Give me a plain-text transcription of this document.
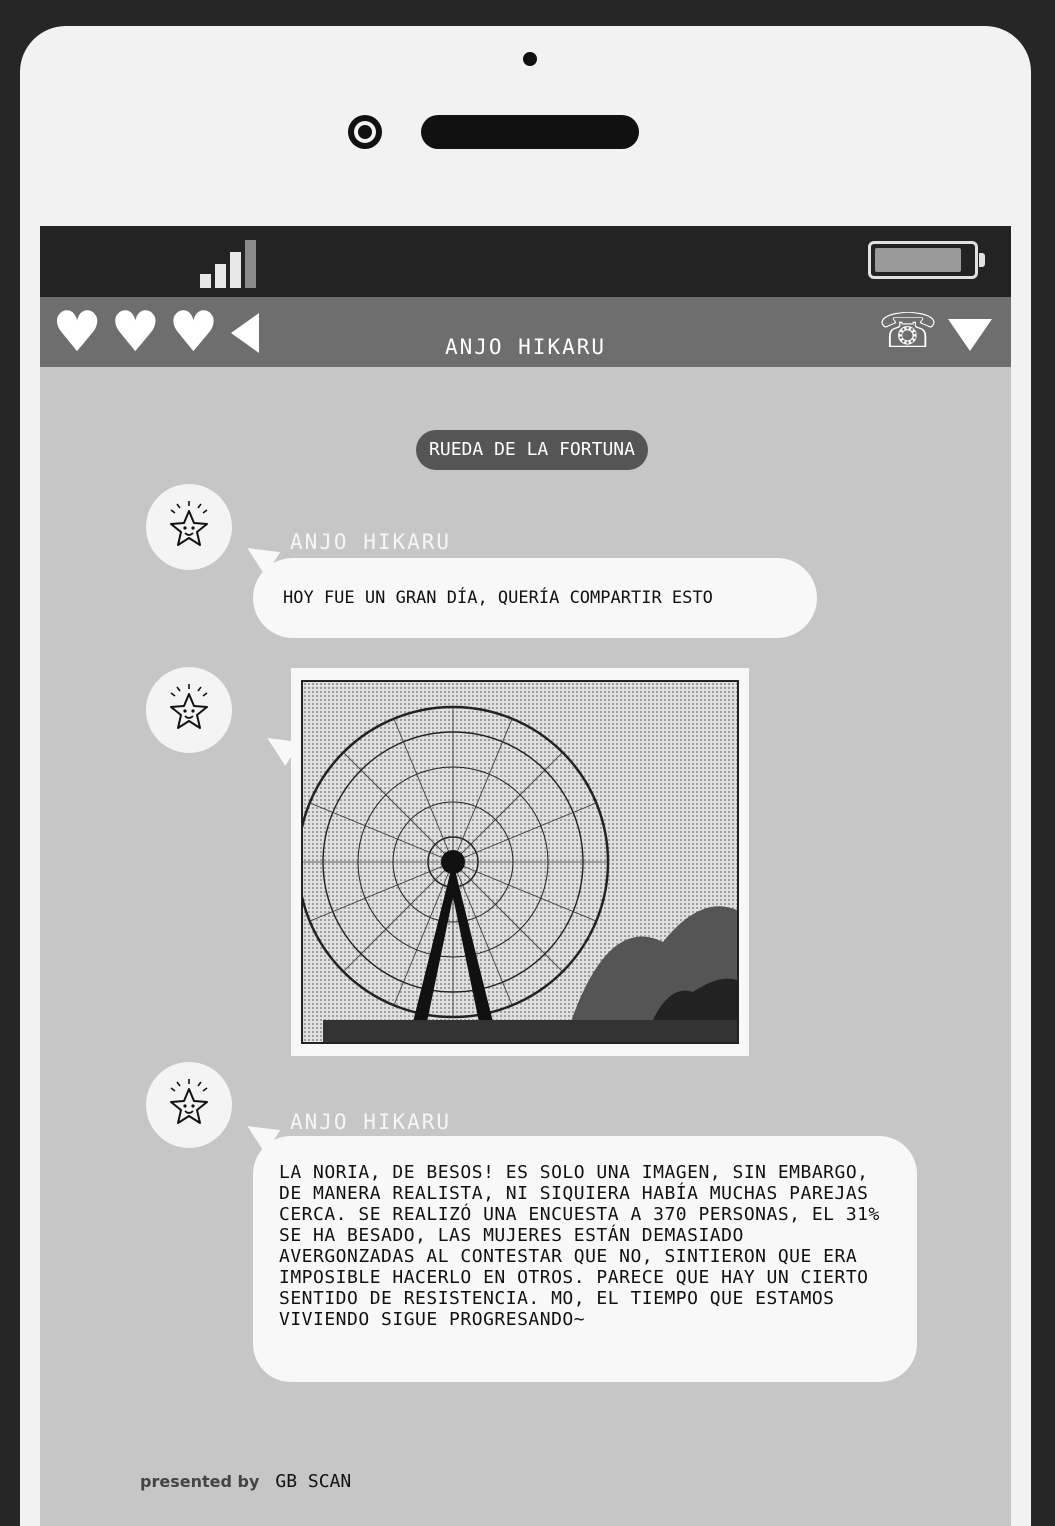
♥ ♥ ♥	ANJO HIKARU	☏
RUEDA DE LA FORTUNA
ANJO HIKARU
HOY FUE UN GRAN DÍA, QUERÍA COMPARTIR ESTO
ANJO HIKARU
LA NORIA, DE BESOS! ES SOLO UNA IMAGEN, SIN EMBARGO, DE MANERA REALISTA, NI SIQUIERA HABÍA MUCHAS PAREJAS CERCA. SE REALIZÓ UNA ENCUESTA A 370 PERSONAS, EL 31% SE HA BESADO, LAS MUJERES ESTÁN DEMASIADO AVERGONZADAS AL CONTESTAR QUE NO, SINTIERON QUE ERA IMPOSIBLE HACERLO EN OTROS. PARECE QUE HAY UN CIERTO SENTIDO DE RESISTENCIA. MO, EL TIEMPO QUE ESTAMOS VIVIENDO SIGUE PROGRESANDO~
presented by GB SCAN
